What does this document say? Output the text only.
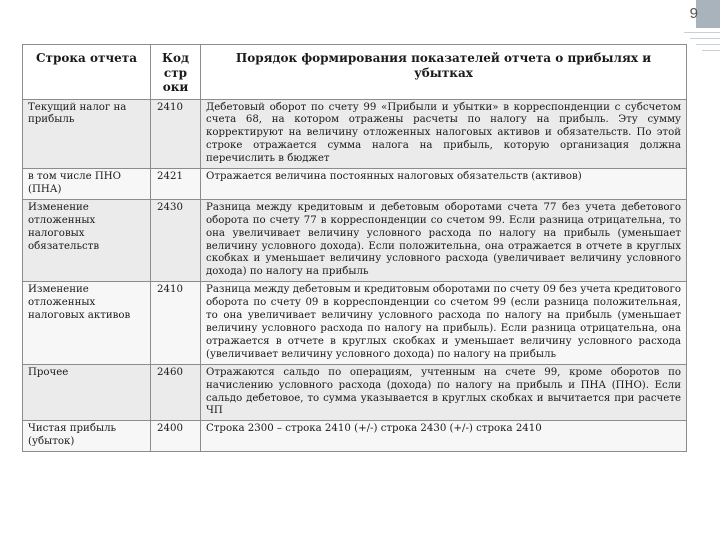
9
Строка отчета	Код стр оки	Порядок формирования показателей отчета о прибылях и убытках
Текущий налог на прибыль	2410	Дебетовый оборот по счету 99 «Прибыли и убытки» в корреспонденции с субсчетом счета 68, на котором отражены расчеты по налогу на прибыль. Эту сумму корректируют на величину отложенных налоговых активов и обязательств. По этой строке отражается сумма налога на прибыль, которую организация должна перечислить в бюджет
в том числе ПНО (ПНА)	2421	Отражается величина постоянных налоговых обязательств (активов)
Изменение отложенных налоговых обязательств	2430	Разница между кредитовым и дебетовым оборотами счета 77 без учета дебетового оборота по счету 77 в корреспонденции со счетом 99. Если разница отрицательна, то она увеличивает величину условного расхода по налогу на прибыль (уменьшает величину условного дохода). Если положительна, она отражается в отчете в круглых скобках и уменьшает величину условного расхода (увеличивает величину условного дохода) по налогу на прибыль
Изменение отложенных налоговых активов	2410	Разница между дебетовым и кредитовым оборотами по счету 09 без учета кредитового оборота по счету 09 в корреспонденции со счетом 99 (если разница положительная, то она увеличивает величину условного расхода по налогу на прибыль (уменьшает величину условного расхода по налогу на прибыль). Если разница отрицательна, она отражается в отчете в круглых скобках и уменьшает величину условного расхода (увеличивает величину условного дохода) по налогу на прибыль
Прочее	2460	Отражаются сальдо по операциям, учтенным на счете 99, кроме оборотов по начислению условного расхода (дохода) по налогу на прибыль и ПНА (ПНО). Если сальдо дебетовое, то сумма указывается в круглых скобках и вычитается при расчете ЧП
Чистая прибыль (убыток)	2400	Строка 2300 – строка 2410 (+/-) строка 2430 (+/-) строка 2410
